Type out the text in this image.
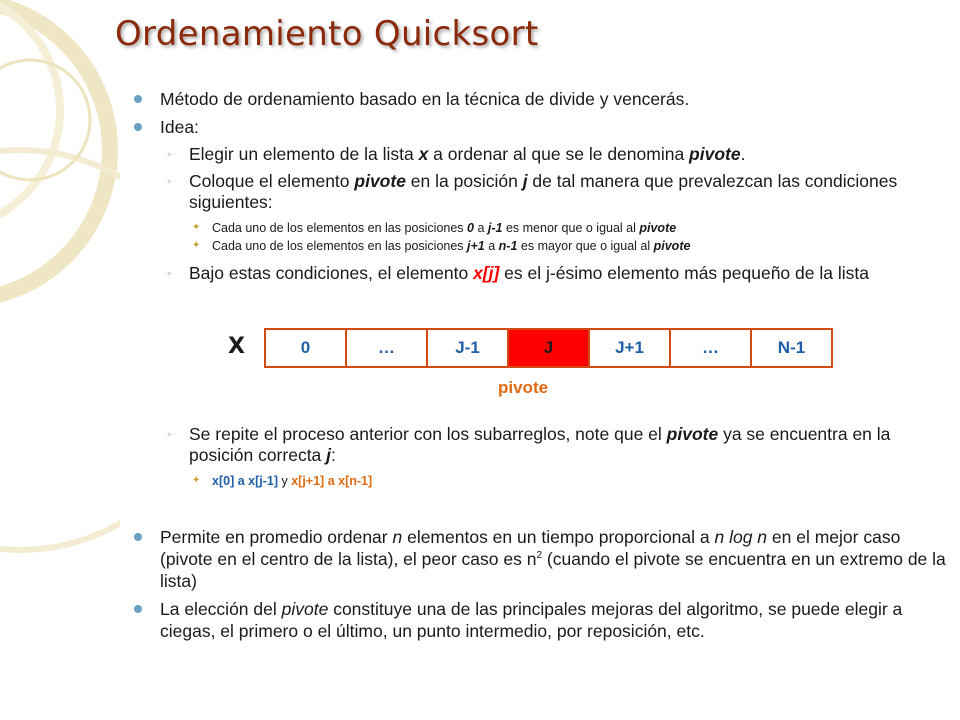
Ordenamiento Quicksort
Método de ordenamiento basado en la técnica de divide y vencerás.
Idea:
◦ Elegir un elemento de la lista x a ordenar al que se le denomina pivote.
◦ Coloque el elemento pivote en la posición j de tal manera que prevalezcan las condiciones siguientes:
✦ Cada uno de los elementos en las posiciones 0 a j-1 es menor que o igual al pivote
✦ Cada uno de los elementos en las posiciones j+1 a n-1 es mayor que o igual al pivote
◦ Bajo estas condiciones, el elemento x[j] es el j-ésimo elemento más pequeño de la lista
X	0	…	J-1	J	J+1	…	N-1
pivote
◦ Se repite el proceso anterior con los subarreglos, note que el pivote ya se encuentra en la posición correcta j:
✦ x[0] a x[j-1] y x[j+1] a x[n-1]
Permite en promedio ordenar n elementos en un tiempo proporcional a n log n en el mejor caso (pivote en el centro de la lista), el peor caso es $n^2$ (cuando el pivote se encuentra en un extremo de la lista)
La elección del pivote constituye una de las principales mejoras del algoritmo, se puede elegir a ciegas, el primero o el último, un punto intermedio, por reposición, etc.
